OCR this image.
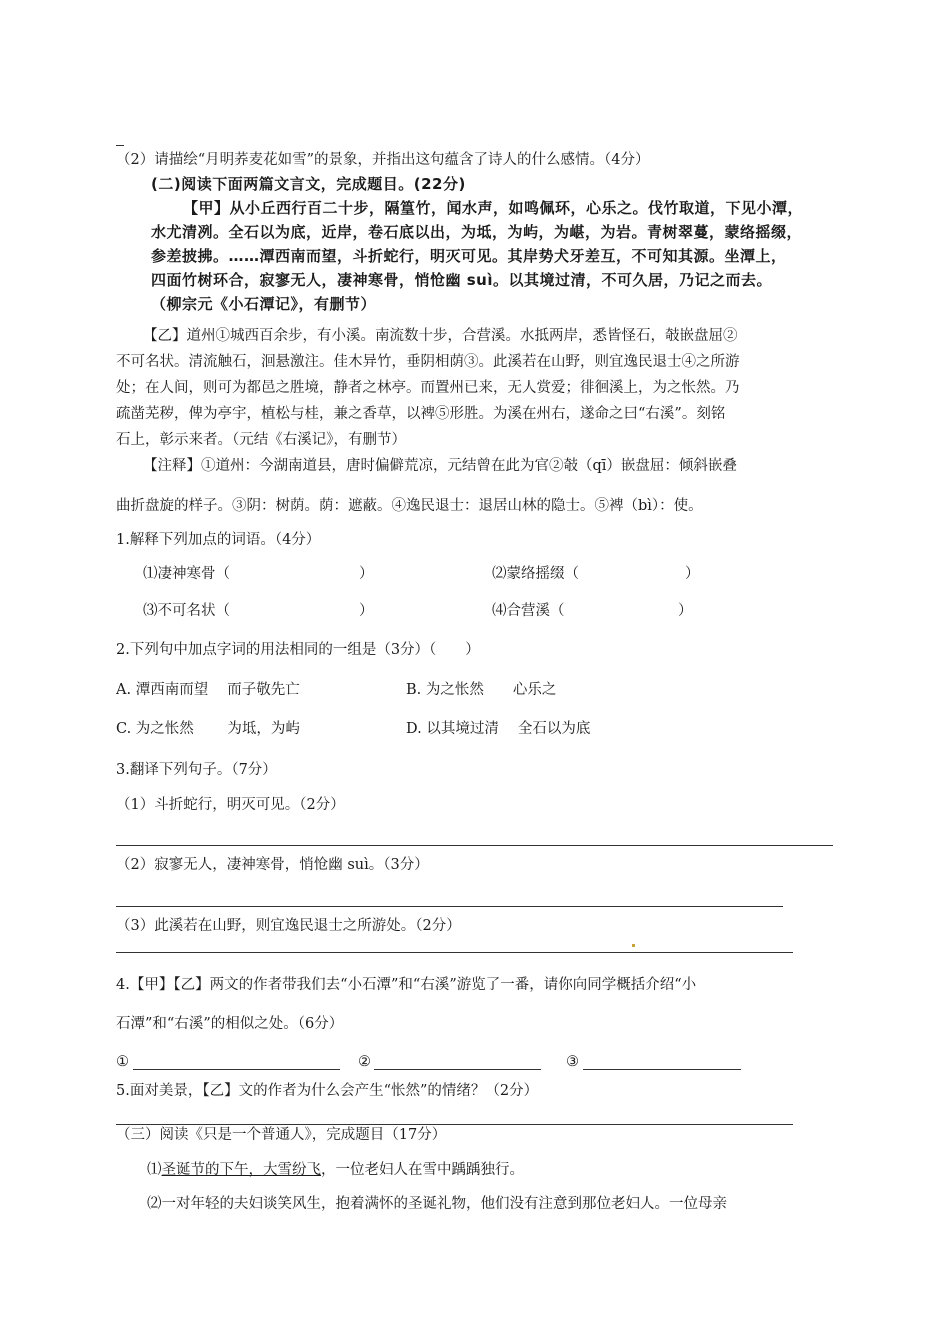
（2）请描绘“月明荞麦花如雪”的景象，并指出这句蕴含了诗人的什么感情。（4分）
(二)阅读下面两篇文言文，完成题目。(22分)
【甲】从小丘西行百二十步，隔篁竹，闻水声，如鸣佩环，心乐之。伐竹取道，下见小潭，
水尤清冽。全石以为底，近岸，卷石底以出，为坻，为屿，为嵁，为岩。青树翠蔓，蒙络摇缀，
参差披拂。……潭西南而望，斗折蛇行，明灭可见。其岸势犬牙差互，不可知其源。坐潭上，
四面竹树环合，寂寥无人，凄神寒骨，悄怆幽 suì。以其境过清，不可久居，乃记之而去。
（柳宗元《小石潭记》，有删节）
【乙】道州①城西百余步，有小溪。南流数十步，合营溪。水抵两岸，悉皆怪石，攲嵌盘屈②
不可名状。清流触石，洄悬激注。佳木异竹，垂阴相荫③。此溪若在山野，则宜逸民退士④之所游
处；在人间，则可为都邑之胜境，静者之林亭。而置州已来，无人赏爱；徘徊溪上，为之怅然。乃
疏凿芜秽，俾为亭宇，植松与桂，兼之香草，以裨⑤形胜。为溪在州右，遂命之曰“右溪”。刻铭
石上，彰示来者。（元结《右溪记》，有删节）
【注释】①道州：今湖南道县，唐时偏僻荒凉，元结曾在此为官②攲（qī）嵌盘屈：倾斜嵌叠
曲折盘旋的样子。③阴：树荫。荫：遮蔽。④逸民退士：退居山林的隐士。⑤裨（bì）：使。
1.解释下列加点的词语。（4分）
⑴凄神寒骨（	）	⑵蒙络摇缀（	）
⑶不可名状（	）	⑷合营溪（	）
2.下列句中加点字词的用法相同的一组是（3分）（　　）
A. 潭西南而望　 而子敬先亡	B. 为之怅然　　心乐之
C. 为之怅然　　 为坻，为屿	D. 以其境过清　 全石以为底
3.翻译下列句子。（7分）
（1）斗折蛇行，明灭可见。（2分）
（2）寂寥无人，凄神寒骨，悄怆幽 suì。（3分）
（3）此溪若在山野，则宜逸民退士之所游处。（2分）
4.【甲】【乙】两文的作者带我们去“小石潭”和“右溪”游览了一番，请你向同学概括介绍“小
石潭”和“右溪”的相似之处。（6分）
①	②	③
5.面对美景，【乙】文的作者为什么会产生“怅然”的情绪？（2分）
（三）阅读《只是一个普通人》，完成题目（17分）
⑴圣诞节的下午，大雪纷飞，一位老妇人在雪中踽踽独行。
⑵一对年轻的夫妇谈笑风生，抱着满怀的圣诞礼物，他们没有注意到那位老妇人。一位母亲
